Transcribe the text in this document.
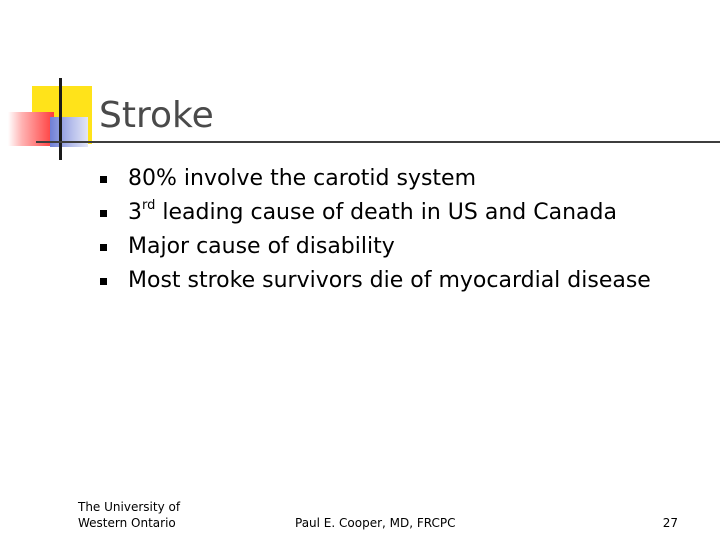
Stroke
80% involve the carotid system
3rd leading cause of death in US and Canada
Major cause of disability
Most stroke survivors die of myocardial disease
The University of
Western Ontario	Paul E. Cooper, MD, FRCPC	27
